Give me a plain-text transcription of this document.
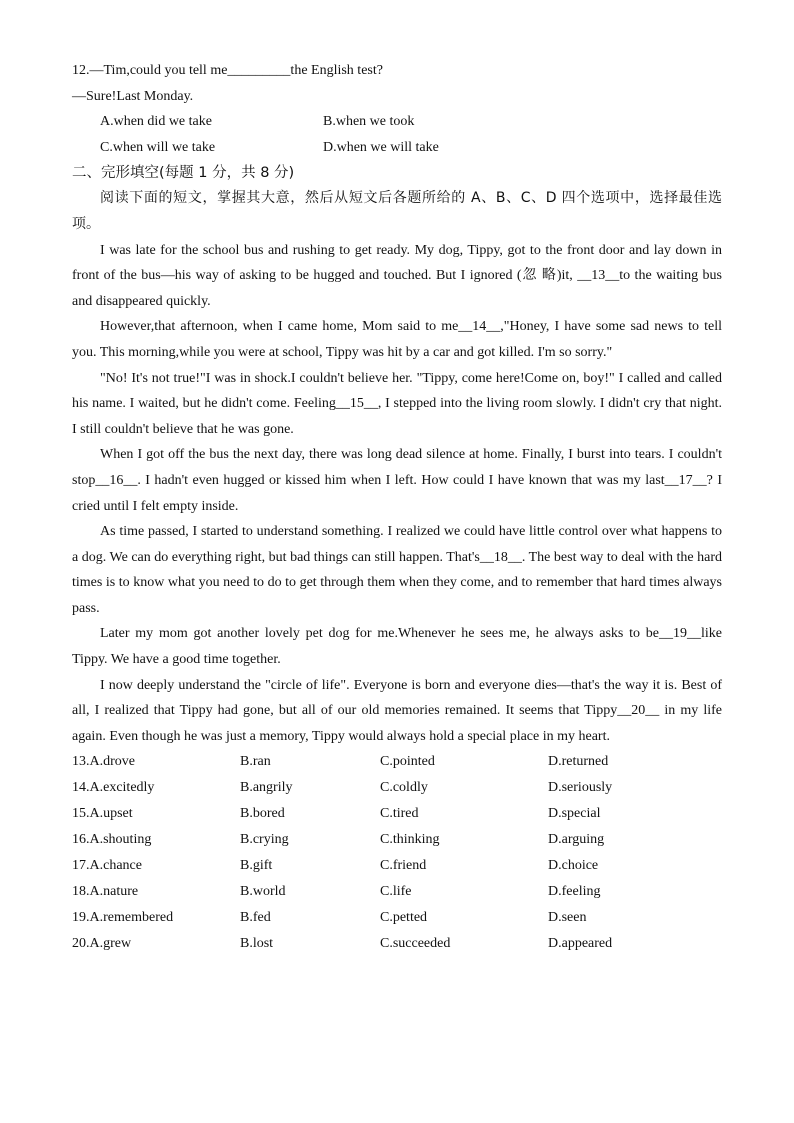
12.—Tim,could you tell me_________the English test?
—Sure!Last Monday.
A.when did we take	B.when we took
C.when will we take	D.when we will take
二、完形填空(每题 1 分，共 8 分)

阅读下面的短文，掌握其大意，然后从短文后各题所给的 A、B、C、D 四个选项中，选择最佳选项。

I was late for the school bus and rushing to get ready. My dog, Tippy, got to the front door and lay down in front of the bus—his way of asking to be hugged and touched. But I ignored (忽 略)it, __13__to the waiting bus and disappeared quickly.

However,that afternoon, when I came home, Mom said to me__14__,"Honey, I have some sad news to tell you. This morning,while you were at school, Tippy was hit by a car and got killed. I'm so sorry."

"No! It's not true!"I was in shock.I couldn't believe her. "Tippy, come here!Come on, boy!" I called and called his name. I waited, but he didn't come. Feeling__15__, I stepped into the living room slowly. I didn't cry that night. I still couldn't believe that he was gone.

When I got off the bus the next day, there was long dead silence at home. Finally, I burst into tears. I couldn't stop__16__. I hadn't even hugged or kissed him when I left. How could I have known that was my last__17__? I cried until I felt empty inside.

As time passed, I started to understand something. I realized we could have little control over what happens to a dog. We can do everything right, but bad things can still happen. That's__18__. The best way to deal with the hard times is to know what you need to do to get through them when they come, and to remember that hard times always pass.

Later my mom got another lovely pet dog for me.Whenever he sees me, he always asks to be__19__like Tippy. We have a good time together.

I now deeply understand the "circle of life". Everyone is born and everyone dies—that's the way it is. Best of all, I realized that Tippy had gone, but all of our old memories remained. It seems that Tippy__20__ in my life again. Even though he was just a memory, Tippy would always hold a special place in my heart.

13.A.drove	B.ran	C.pointed	D.returned
14.A.excitedly	B.angrily	C.coldly	D.seriously
15.A.upset	B.bored	C.tired	D.special
16.A.shouting	B.crying	C.thinking	D.arguing
17.A.chance	B.gift	C.friend	D.choice
18.A.nature	B.world	C.life	D.feeling
19.A.remembered	B.fed	C.petted	D.seen
20.A.grew	B.lost	C.succeeded	D.appeared
